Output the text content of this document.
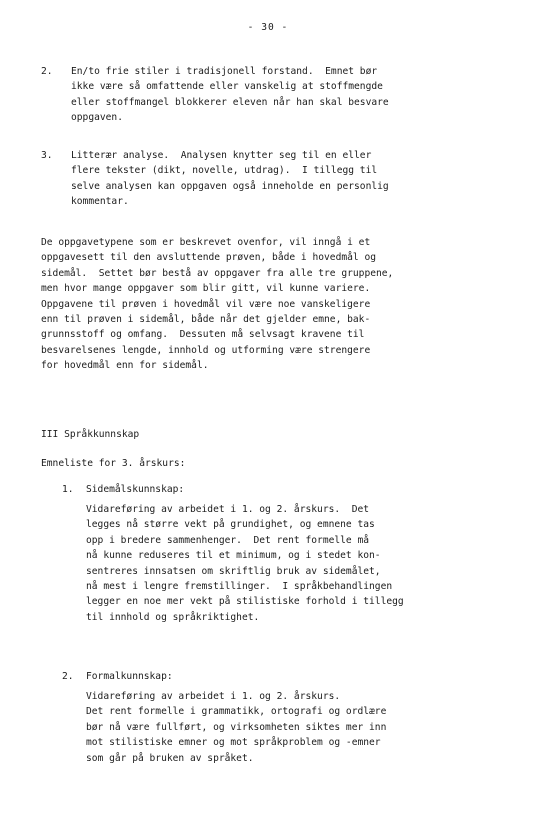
- 30 -
2. En/to frie stiler i tradisjonell forstand.  Emnet bør
ikke være så omfattende eller vanskelig at stoffmengde
eller stoffmangel blokkerer eleven når han skal besvare
oppgaven.
3. Litterær analyse.  Analysen knytter seg til en eller
flere tekster (dikt, novelle, utdrag).  I tillegg til
selve analysen kan oppgaven også inneholde en personlig
kommentar.
De oppgavetypene som er beskrevet ovenfor, vil inngå i et
oppgavesett til den avsluttende prøven, både i hovedmål og
sidemål.  Settet bør bestå av oppgaver fra alle tre gruppene,
men hvor mange oppgaver som blir gitt, vil kunne variere.
Oppgavene til prøven i hovedmål vil være noe vanskeligere
enn til prøven i sidemål, både når det gjelder emne, bak-
grunnsstoff og omfang.  Dessuten må selvsagt kravene til
besvarelsenes lengde, innhold og utforming være strengere
for hovedmål enn for sidemål.
III Språkkunnskap
Emneliste for 3. årskurs:
1. Sidemålskunnskap:
Vidareføring av arbeidet i 1. og 2. årskurs.  Det
legges nå større vekt på grundighet, og emnene tas
opp i bredere sammenhenger.  Det rent formelle må
nå kunne reduseres til et minimum, og i stedet kon-
sentreres innsatsen om skriftlig bruk av sidemålet,
nå mest i lengre fremstillinger.  I språkbehandlingen
legger en noe mer vekt på stilistiske forhold i tillegg
til innhold og språkriktighet.
2. Formalkunnskap:
Vidareføring av arbeidet i 1. og 2. årskurs.
Det rent formelle i grammatikk, ortografi og ordlære
bør nå være fullført, og virksomheten siktes mer inn
mot stilistiske emner og mot språkproblem og -emner
som går på bruken av språket.
